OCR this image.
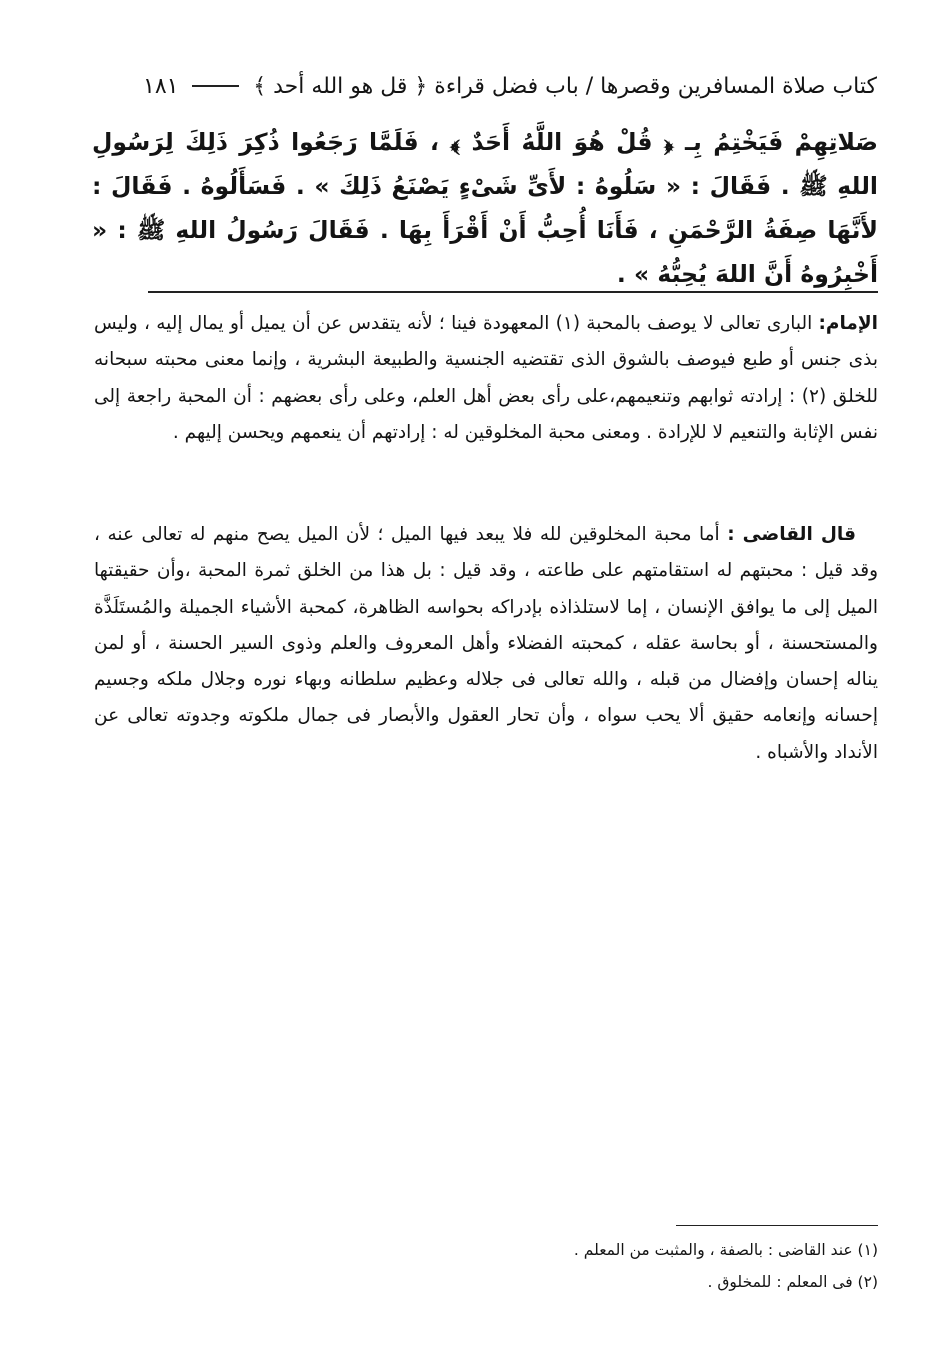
كتاب صلاة المسافرين وقصرها / باب فضل قراءة ﴿ قل هو الله أحد ﴾
١٨١
صَلاتِهِمْ فَيَخْتِمُ بِـ ﴿ قُلْ هُوَ اللَّهُ أَحَدٌ ﴾ ، فَلَمَّا رَجَعُوا ذُكِرَ ذَلِكَ لِرَسُولِ اللهِ ﷺ . فَقَالَ : « سَلُوهُ : لأَىِّ شَىْءٍ يَصْنَعُ ذَلِكَ » . فَسَأَلُوهُ . فَقَالَ : لأَنَّهَا صِفَةُ الرَّحْمَنِ ، فَأَنَا أُحِبُّ أَنْ أَقْرَأَ بِهَا . فَقَالَ رَسُولُ اللهِ ﷺ : « أَخْبِرُوهُ أَنَّ اللهَ يُحِبُّهُ » .
الإمام: البارى تعالى لا يوصف بالمحبة (١) المعهودة فينا ؛ لأنه يتقدس عن أن يميل أو يمال إليه ، وليس بذى جنس أو طبع فيوصف بالشوق الذى تقتضيه الجنسية والطبيعة البشرية ، وإنما معنى محبته سبحانه للخلق (٢) : إرادته ثوابهم وتنعيمهم،على رأى بعض أهل العلم، وعلى رأى بعضهم : أن المحبة راجعة إلى نفس الإثابة والتنعيم لا للإرادة . ومعنى محبة المخلوقين له : إرادتهم أن ينعمهم ويحسن إليهم .
قال القاضى : أما محبة المخلوقين لله فلا يبعد فيها الميل ؛ لأن الميل يصح منهم له تعالى عنه ، وقد قيل : محبتهم له استقامتهم على طاعته ، وقد قيل : بل هذا من الخلق ثمرة المحبة ،وأن حقيقتها الميل إلى ما يوافق الإنسان ، إما لاستلذاذه بإدراكه بحواسه الظاهرة، كمحبة الأشياء الجميلة والمُستَلَذَّة والمستحسنة ، أو بحاسة عقله ، كمحبته الفضلاء وأهل المعروف والعلم وذوى السير الحسنة ، أو لمن يناله إحسان وإفضال من قبله ، والله تعالى فى جلاله وعظيم سلطانه وبهاء نوره وجلال ملكه وجسيم إحسانه وإنعامه حقيق ألا يحب سواه ، وأن تحار العقول والأبصار فى جمال ملكوته وجدوته تعالى عن الأنداد والأشباه .
(١) عند القاضى : بالصفة ، والمثبت من المعلم .
(٢) فى المعلم : للمخلوق .
